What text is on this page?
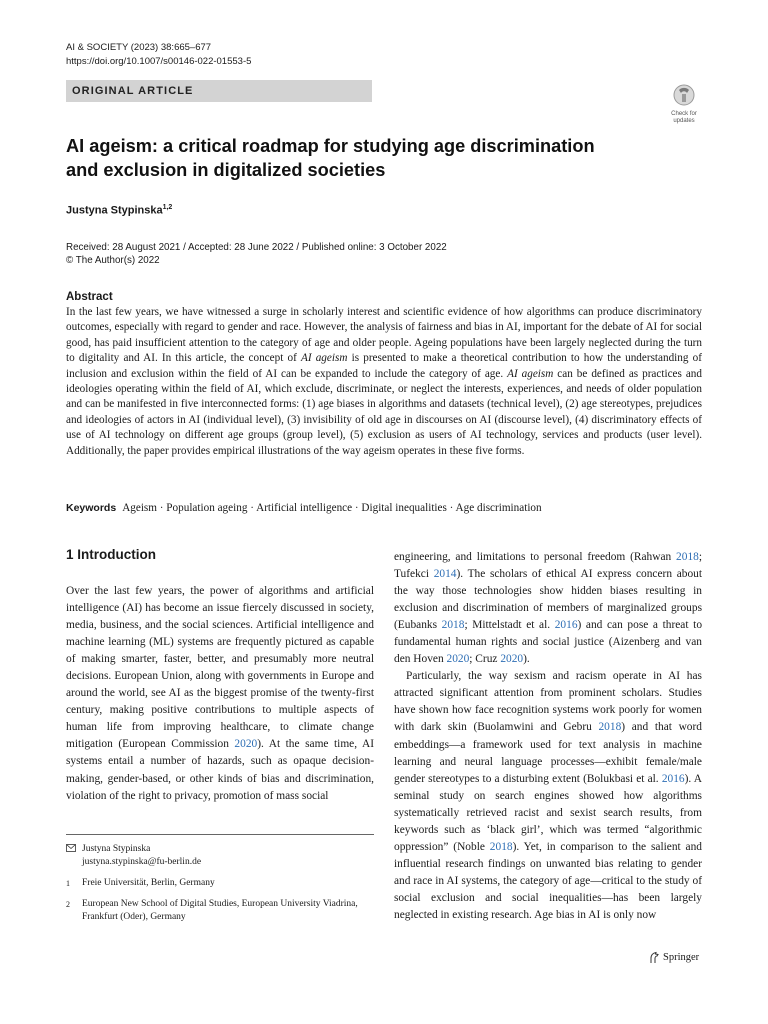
AI & SOCIETY (2023) 38:665–677
https://doi.org/10.1007/s00146-022-01553-5
ORIGINAL ARTICLE
Check for
updates
AI ageism: a critical roadmap for studying age discrimination and exclusion in digitalized societies
Justyna Stypinska$^{1,2}$
Received: 28 August 2021 / Accepted: 28 June 2022 / Published online: 3 October 2022
© The Author(s) 2022
Abstract
In the last few years, we have witnessed a surge in scholarly interest and scientific evidence of how algorithms can produce discriminatory outcomes, especially with regard to gender and race. However, the analysis of fairness and bias in AI, important for the debate of AI for social good, has paid insufficient attention to the category of age and older people. Ageing populations have been largely neglected during the turn to digitality and AI. In this article, the concept of AI ageism is presented to make a theoretical contribution to how the understanding of inclusion and exclusion within the field of AI can be expanded to include the category of age. AI ageism can be defined as practices and ideologies operating within the field of AI, which exclude, discriminate, or neglect the interests, experiences, and needs of older population and can be manifested in five interconnected forms: (1) age biases in algorithms and datasets (technical level), (2) age stereotypes, prejudices and ideologies of actors in AI (individual level), (3) invisibility of old age in discourses on AI (discourse level), (4) discriminatory effects of use of AI technology on different age groups (group level), (5) exclusion as users of AI technology, services and products (user level). Additionally, the paper provides empirical illustrations of the way ageism operates in these five forms.
Keywords Ageism · Population ageing · Artificial intelligence · Digital inequalities · Age discrimination
1 Introduction

Over the last few years, the power of algorithms and artificial intelligence (AI) has become an issue fiercely discussed in society, media, business, and the social sciences. Artificial intelligence and machine learning (ML) systems are frequently pictured as capable of making smarter, faster, better, and presumably more neutral decisions. European Union, along with governments in Europe and around the world, see AI as the biggest promise of the twenty-first century, making positive contributions to multiple aspects of human life from improving healthcare, to climate change mitigation (European Commission 2020). At the same time, AI systems entail a number of hazards, such as opaque decision-making, gender-based, or other kinds of bias and discrimination, violation of the right to privacy, promotion of mass social

engineering, and limitations to personal freedom (Rahwan 2018; Tufekci 2014). The scholars of ethical AI express concern about the way those technologies show hidden biases resulting in exclusion and discrimination of members of marginalized groups (Eubanks 2018; Mittelstadt et al. 2016) and can pose a threat to fundamental human rights and social justice (Aizenberg and van den Hoven 2020; Cruz 2020).

Particularly, the way sexism and racism operate in AI has attracted significant attention from prominent scholars. Studies have shown how face recognition systems work poorly for women with dark skin (Buolamwini and Gebru 2018) and that word embeddings—a framework used for text analysis in machine learning and neural language processes—exhibit female/male gender stereotypes to a disturbing extent (Bolukbasi et al. 2016). A seminal study on search engines showed how algorithms systematically retrieved racist and sexist search results, from keywords such as ‘black girl’, which was termed “algorithmic oppression” (Noble 2018). Yet, in comparison to the salient and influential research findings on unwanted bias relating to gender and race in AI systems, the category of age—critical to the study of social exclusion and social inequalities—has been largely neglected in existing research. Age bias in AI is only now

Justyna Stypinska
justyna.stypinska@fu-berlin.de
1	Freie Universität, Berlin, Germany
2	European New School of Digital Studies, European University Viadrina, Frankfurt (Oder), Germany
Springer
